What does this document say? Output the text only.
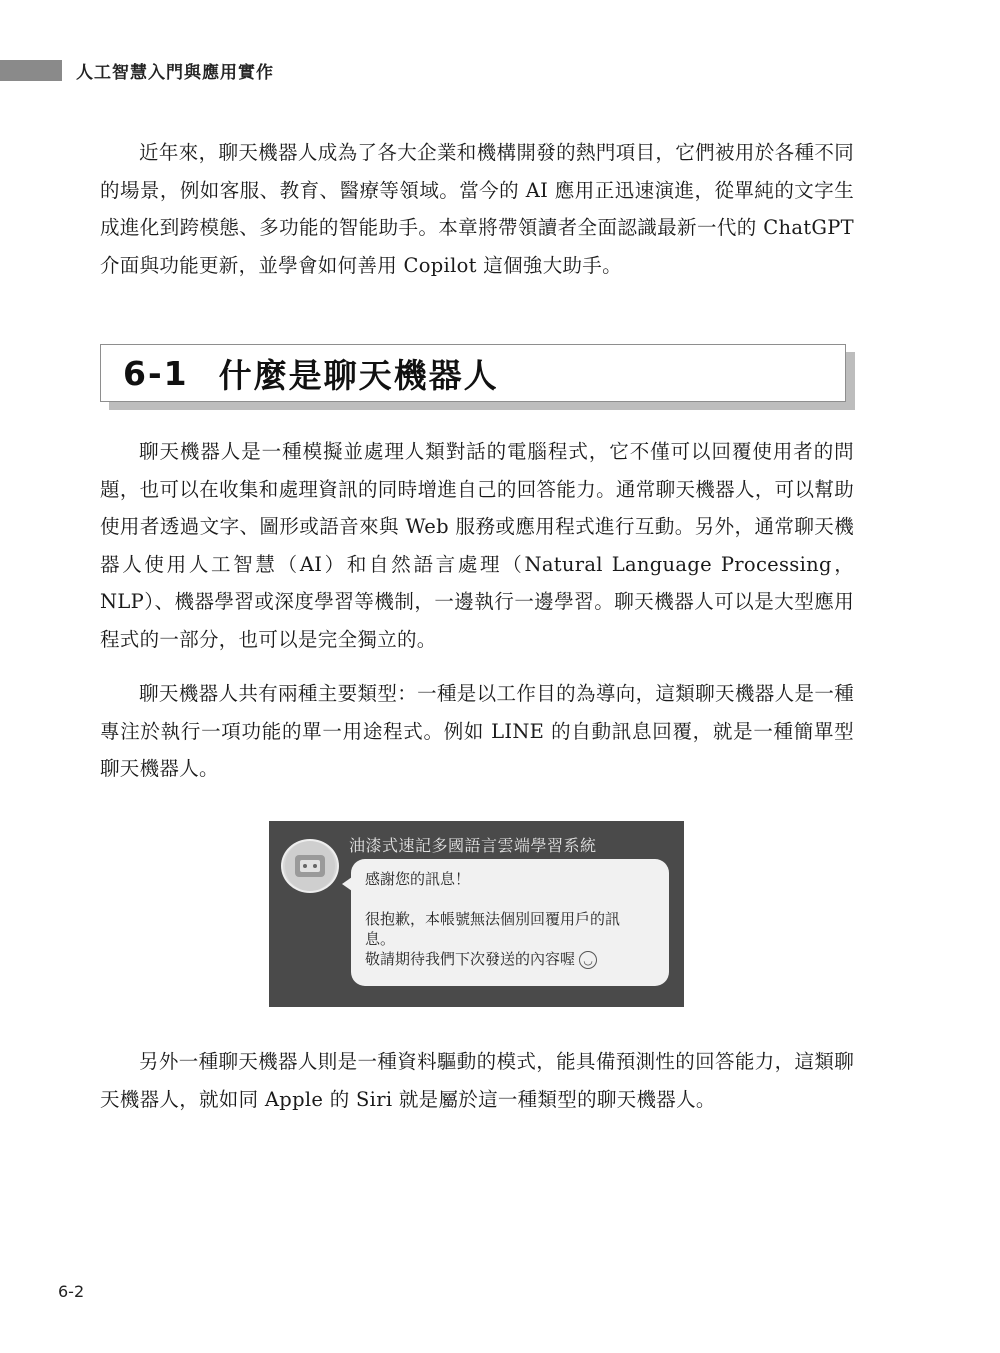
人工智慧入門與應用實作

近年來，聊天機器人成為了各大企業和機構開發的熱門項目，它們被用於各種不同的場景，例如客服、教育、醫療等領域。當今的 AI 應用正迅速演進，從單純的文字生成進化到跨模態、多功能的智能助手。本章將帶領讀者全面認識最新一代的 ChatGPT 介面與功能更新，並學會如何善用 Copilot 這個強大助手。

6-1 什麼是聊天機器人

聊天機器人是一種模擬並處理人類對話的電腦程式，它不僅可以回覆使用者的問題，也可以在收集和處理資訊的同時增進自己的回答能力。通常聊天機器人，可以幫助使用者透過文字、圖形或語音來與 Web 服務或應用程式進行互動。另外，通常聊天機器人使用人工智慧（AI）和自然語言處理（Natural Language Processing，NLP）、機器學習或深度學習等機制，一邊執行一邊學習。聊天機器人可以是大型應用程式的一部分，也可以是完全獨立的。

聊天機器人共有兩種主要類型：一種是以工作目的為導向，這類聊天機器人是一種專注於執行一項功能的單一用途程式。例如 LINE 的自動訊息回覆，就是一種簡單型聊天機器人。

油漆式速記多國語言雲端學習系統

感謝您的訊息！

很抱歉，本帳號無法個別回覆用戶的訊

息。

敬請期待我們下次發送的內容喔 ◡

另外一種聊天機器人則是一種資料驅動的模式，能具備預測性的回答能力，這類聊天機器人，就如同 Apple 的 Siri 就是屬於這一種類型的聊天機器人。

6-2
